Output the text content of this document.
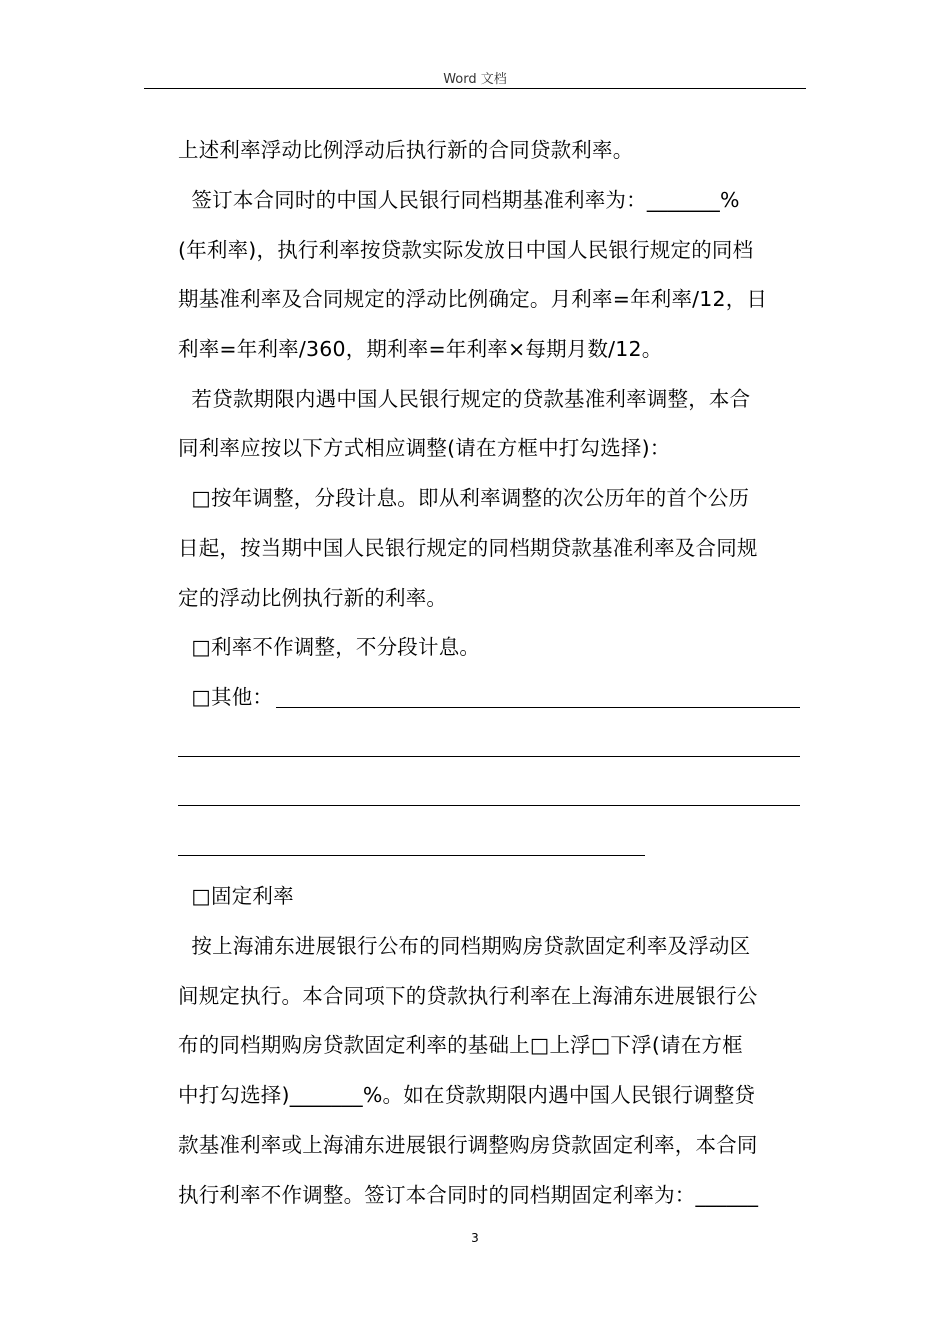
Word 文档
上述利率浮动比例浮动后执行新的合同贷款利率。
签订本合同时的中国人民银行同档期基准利率为：_______%
(年利率)，执行利率按贷款实际发放日中国人民银行规定的同档
期基准利率及合同规定的浮动比例确定。月利率=年利率/12，日
利率=年利率/360，期利率=年利率×每期月数/12。
若贷款期限内遇中国人民银行规定的贷款基准利率调整，本合
同利率应按以下方式相应调整(请在方框中打勾选择)：
□按年调整，分段计息。即从利率调整的次公历年的首个公历
日起，按当期中国人民银行规定的同档期贷款基准利率及合同规
定的浮动比例执行新的利率。
□利率不作调整，不分段计息。
□其他：
□固定利率
按上海浦东进展银行公布的同档期购房贷款固定利率及浮动区
间规定执行。本合同项下的贷款执行利率在上海浦东进展银行公
布的同档期购房贷款固定利率的基础上□上浮□下浮(请在方框
中打勾选择)_______%。如在贷款期限内遇中国人民银行调整贷
款基准利率或上海浦东进展银行调整购房贷款固定利率，本合同
执行利率不作调整。签订本合同时的同档期固定利率为：______
3
